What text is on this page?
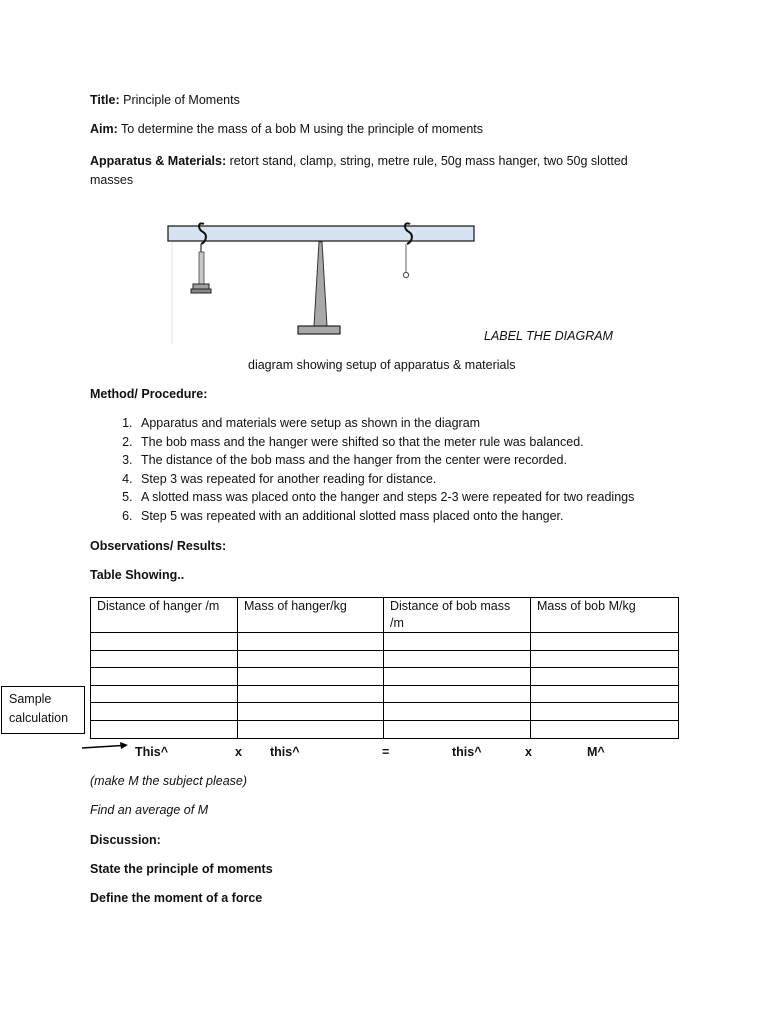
Title: Principle of Moments
Aim: To determine the mass of a bob M using the principle of moments
Apparatus & Materials: retort stand, clamp, string, metre rule, 50g mass hanger, two 50g slotted
masses
LABEL THE DIAGRAM
diagram showing setup of apparatus & materials
Method/ Procedure:
1. Apparatus and materials were setup as shown in the diagram
2. The bob mass and the hanger were shifted so that the meter rule was balanced.
3. The distance of the bob mass and the hanger from the center were recorded.
4. Step 3 was repeated for another reading for distance.
5. A slotted mass was placed onto the hanger and steps 2-3 were repeated for two readings
6. Step 5 was repeated with an additional slotted mass placed onto the hanger.
Observations/ Results:
Table Showing..
Distance of hanger /m	Mass of hanger/kg	Distance of bob mass /m	Mass of bob M/kg

Sample
calculation
This^	x this^	=	this^	x	M^
(make M the subject please)
Find an average of M
Discussion:
State the principle of moments
Define the moment of a force
